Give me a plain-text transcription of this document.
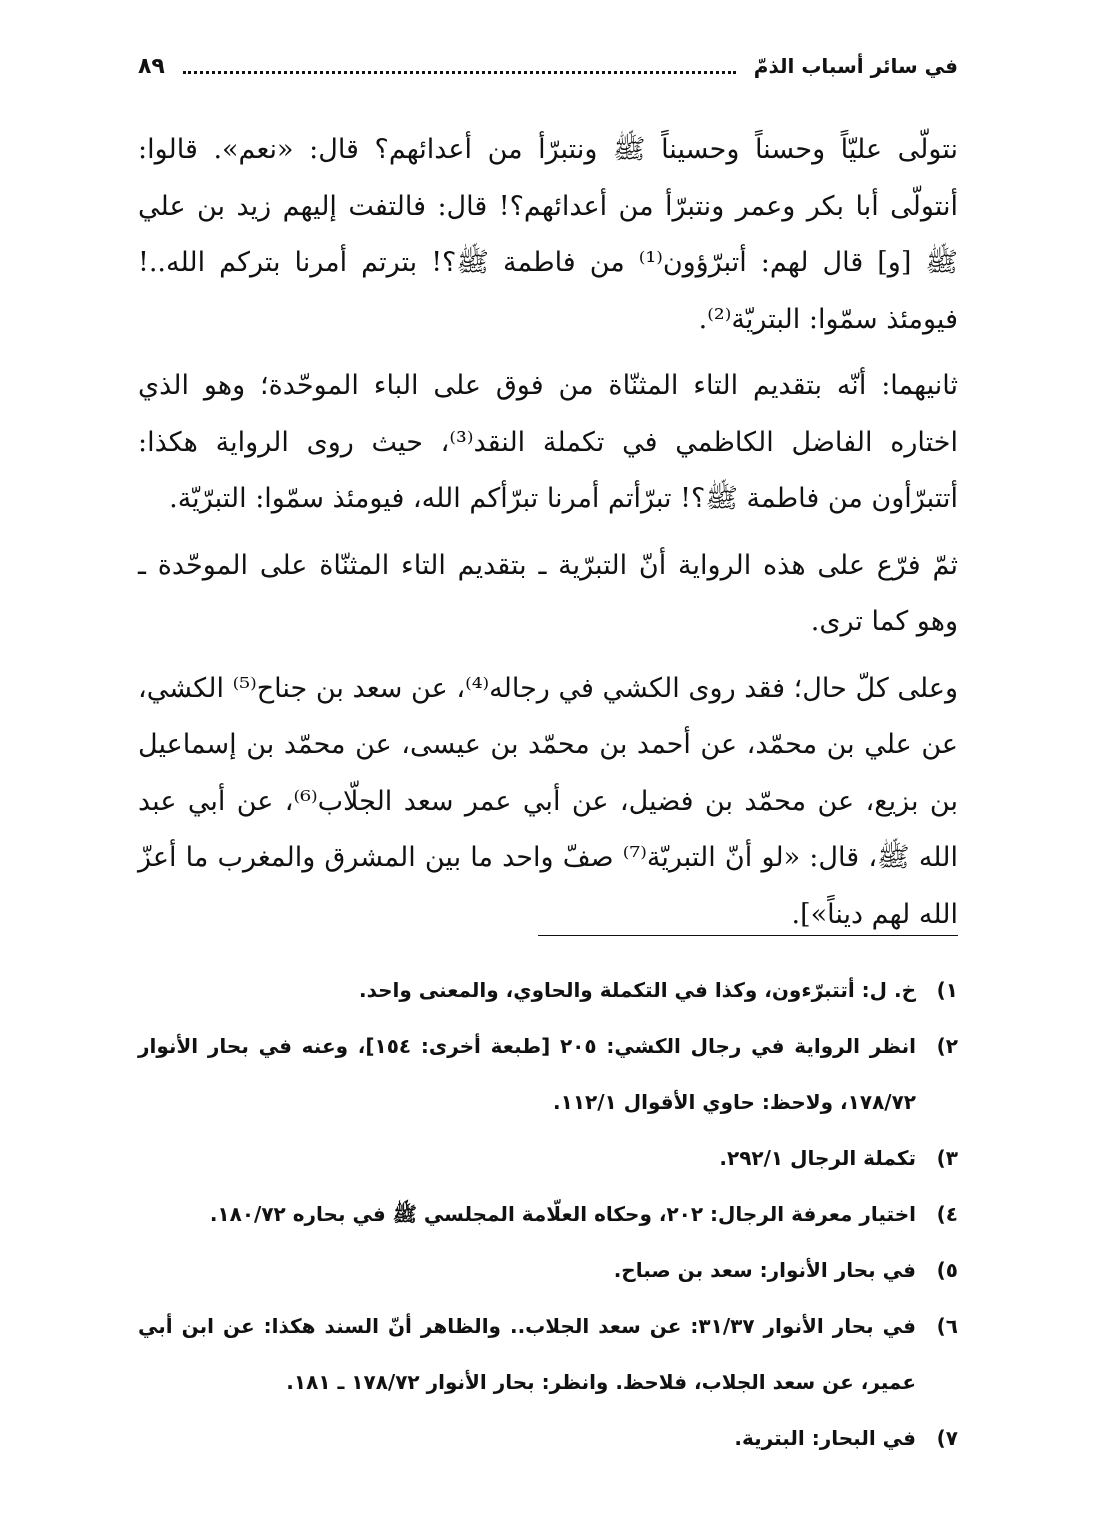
في سائر أسباب الذمّ
٨٩

نتولّى عليّاً وحسناً وحسيناً ﷺ ونتبرّأ من أعدائهم؟ قال: «نعم». قالوا: أنتولّى أبا بكر وعمر ونتبرّأ من أعدائهم؟! قال: فالتفت إليهم زيد بن علي ﷺ [و] قال لهم: أتبرّؤون⁽¹⁾ من فاطمة ﷺ؟! بترتم أمرنا بتركم الله..! فيومئذ سمّوا: البتريّة⁽²⁾.

ثانيهما: أنّه بتقديم التاء المثنّاة من فوق على الباء الموحّدة؛ وهو الذي اختاره الفاضل الكاظمي في تكملة النقد⁽³⁾، حيث روى الرواية هكذا: أتتبرّأون من فاطمة ﷺ؟! تبرّأتم أمرنا تبرّأكم الله، فيومئذ سمّوا: التبرّيّة.

ثمّ فرّع على هذه الرواية أنّ التبرّية ـ بتقديم التاء المثنّاة على الموحّدة ـ وهو كما ترى.

وعلى كلّ حال؛ فقد روى الكشي في رجاله⁽⁴⁾، عن سعد بن جناح⁽⁵⁾ الكشي، عن علي بن محمّد، عن أحمد بن محمّد بن عيسى، عن محمّد بن إسماعيل بن بزيع، عن محمّد بن فضيل، عن أبي عمر سعد الجلّاب⁽⁶⁾، عن أبي عبد الله ﷺ، قال: «لو أنّ التبريّة⁽⁷⁾ صفّ واحد ما بين المشرق والمغرب ما أعزّ الله لهم ديناً»].

١)
خ. ل: أتتبرّءون، وكذا في التكملة والحاوي، والمعنى واحد.
٢)
انظر الرواية في رجال الكشي: ٢٠٥ [طبعة أخرى: ١٥٤]، وعنه في بحار الأنوار ١٧٨/٧٢، ولاحظ: حاوي الأقوال ١١٢/١.
٣)
تكملة الرجال ٢٩٢/١.
٤)
اختيار معرفة الرجال: ٢٠٢، وحكاه العلّامة المجلسي ﷺ في بحاره ١٨٠/٧٢.
٥)
في بحار الأنوار: سعد بن صباح.
٦)
في بحار الأنوار ٣١/٣٧: عن سعد الجلاب.. والظاهر أنّ السند هكذا: عن ابن أبي عمير، عن سعد الجلاب، فلاحظ. وانظر: بحار الأنوار ١٧٨/٧٢ ـ ١٨١.
٧)
في البحار: البترية.
